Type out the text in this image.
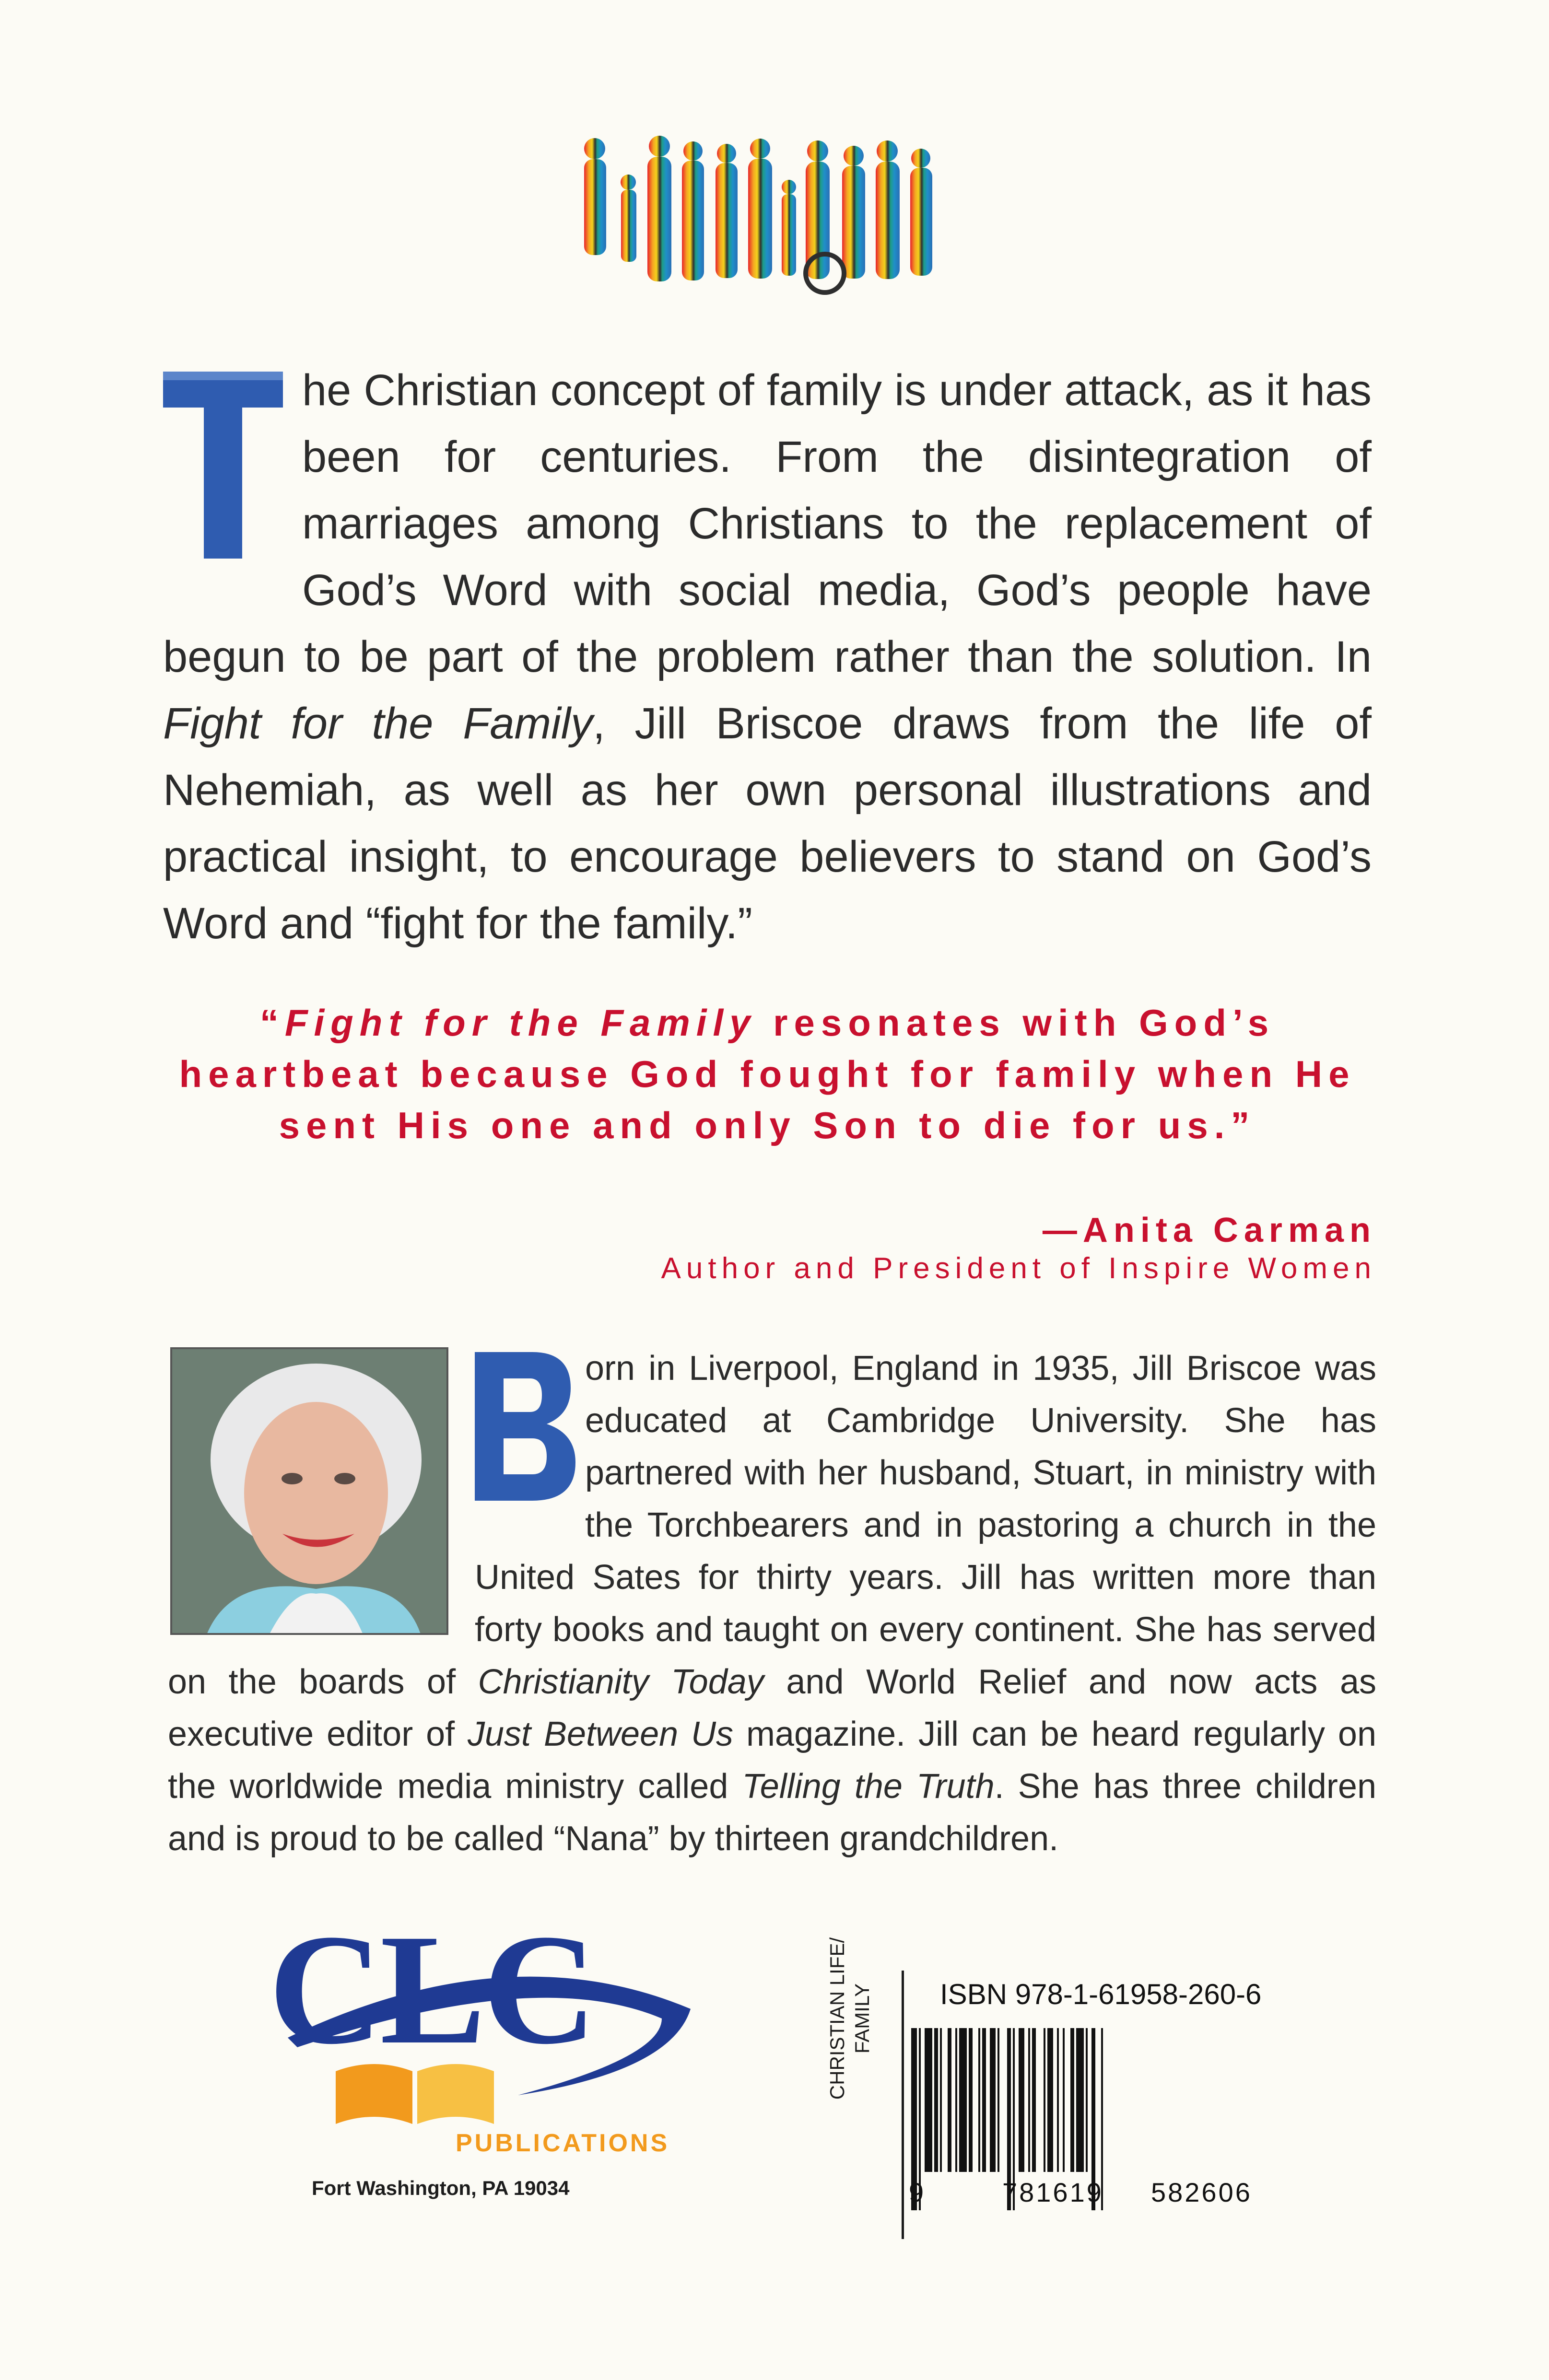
he Christian concept of family is under attack, as it has been for centuries. From the disintegration of marriages among Christians to the replacement of God’s Word with social media, God’s people have begun to be part of the problem rather than the solution. In Fight for the Family, Jill Briscoe draws from the life of Nehemiah, as well as her own personal illustrations and practical insight, to encourage believers to stand on God’s Word and “fight for the family.”
“Fight for the Family resonates with God’s heartbeat because God fought for family when He sent His one and only Son to die for us.”
—Anita Carman
Author and President of Inspire Women
orn in Liverpool, England in 1935, Jill Briscoe was educated at Cambridge University. She has partnered with her husband, Stuart, in ministry with the Torchbearers and in pastoring a church in the United Sates for thirty years. Jill has written more than forty books and taught on every continent. She has served on the boards of Christianity Today and World Relief and now acts as executive editor of Just Between Us magazine. Jill can be heard regularly on the worldwide media ministry called Telling the Truth. She has three children and is proud to be called “Nana” by thirteen grandchildren.
CLC
PUBLICATIONS
Fort Washington, PA 19034
CHRISTIAN LIFE/ FAMILY ISBN 978-1-61958-260-6
9	781619 582606
